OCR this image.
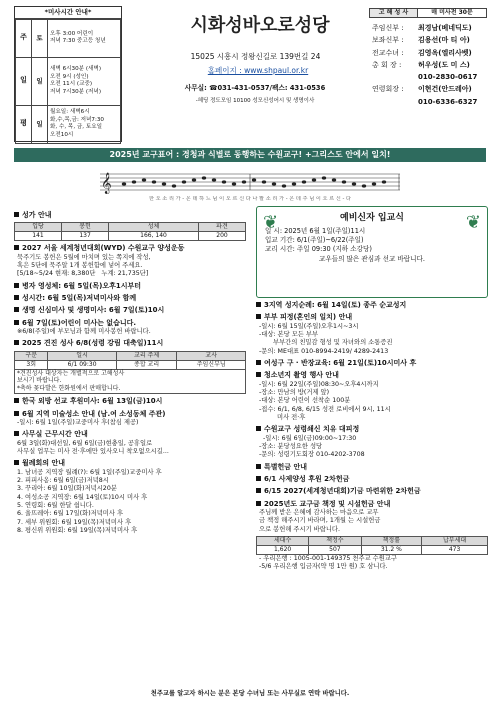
*미사시간 안내*
주	토	오후 3:00 어린이
저녁 7:30 중고등 청년
일	일	새벽 6시30분 (새벽)
오전 9시 (성인)
오전 11시 (교중)
저녁 7시30분 (저녁)
평	일	월요일: 새벽6시
화,수,목,금: 저녁7:30
화, 수, 목, 금, 토요일
오전10시
시화성바오로성당
15025 시흥시 정왕신길로 139번길 24
홈페이지 : www.shpaul.or.kr
사무실: ☎031-431-0537/팩스: 431-0536
-헤딩 정도모임 10100 성모신성어시 및 생명이사
고 해 성 사	매 미사전 30분
주임신부 : 최경남(베네딕도)
보좌신부 : 김용선(마 티 아)
전교수녀 : 김영옥(엘리사벳)
총 회 장 : 허우성(도 미 스)
010-2830-0617
연령회장 : 이현건(안드레아)
010-6336-6327
2025년 교구표어 : 경청과 식별로 동행하는 수원교구! +그리스도 안에서 일치!
𝄞
한 오 소 리 가 - 온 데 하 느 님 이 오 르 신 다 나 팔 소 리 가 - 온 데 주 님 이 오 르 신 - 다
성가 안내
입당	봉헌	성체	파견
141	137	166, 140	200
2027 서울 세계청년대회(WYD) 수원교구 양성운동
묵주기도 봉헌은 5월에 마치며 있는 쪽지에 작성,
혹은 5단에 묵주알 1개 봉헌함에 넣어 주세요.
[5/18~5/24 현재: 8,380단   누계: 21,735단]
병자 영성체: 6월 5일(목)오후1시부터
성시간: 6월 5일(목)저녁미사와 함께
생명 신심미사 및 생명미사: 6월 7일(토)10시
6월 7일(토)어린이 미사는 없습니다.
※6/8(주일)에 부모님과 함께 미사봉헌 바랍니다.
2025 견진 성사 6/8(성령 강림 대축일)11시
구분	일시	교리 주제	교사
3회	6/1 09:30	종합 교리	주임신부님

*견진성사 대상자는 개별적으로 고해성사
보시기 바랍니다.
*축하 꽃다발은 한화원에서 판매합니다.			
한국 외방 선교 후원미사: 6월 13일(금)10시
6월 지역 미술성소 안내 (남.여 소성동체 주관)
-일시: 6월 1일(주일)교중미사 후(참심 제공)
사무실 근무시간 안내
6월 3일(화)대선일, 6월 6일(금)현충일, 공휴일로
사무실 업무는 미사 전·후에만 있사오니 착오없으시길...
월례회의 안내
1. 남녀공 지역장 월례(?): 6월 1일(주일)교중미사 후
2. 피피사옹: 6월 6일(금)저녁8시
3. 꾸리아: 6월 10일(화)저녁시20분
4. 여성소공 지역장: 6월 14일(토)10시 미사 후
5. 연령회: 6월 한달 쉽니다.
6. 울뜨레아: 6월 17일(화)저녁미사 후
7. 세부 위원회: 6월 19일(목)저녁미사 후
8. 평신위 위원회: 6월 19일(목)저녁미사 후
❦	❦
예비신자 입교식
일 시: 2025년 6월 1일(주일)11시
입교 기간: 6/1(주일)~6/22(주일)
교리 시간: 주일 09:30 (지하 소강당)
교우들의 많은 관심과 선교 바랍니다.
3지역 성지순례: 6월 14일(토) 종주 순교성지
부부 피정(혼인의 일치) 안내
-일시: 6월 15일(주일)오후1시~3시
-대상: 본당 모든 부부
부부간의 친밀감 형성 및 자녀와의 소통증진
-문의: ME대표 010-8994-2419/ 4289-2413
여성구 구 · 반장교육: 6월 21일(토)10시미사 후
청소년지 촬영 행사 안내
-일시: 6월 22일(주일)08:30~오후4시까지
-장소: 만남의 방(거제 앞)
-대상: 본당 어린이 선착순 100분
-접수: 6/1, 6/8, 6/15 성전 로비에서 9시, 11시
미사 전·후
수원교구 성령쇄신 치유 대피정
-일시: 6월 6일(금)09:00~17:30
-장소: 분당성요한 성당
-문의: 성령기도회장 010-4202-3708
특별헌금 안내
6/1 사제양성 후원 2차헌금
6/15 2027(세계청년대회)기금 마련위한 2차헌금
2025년도 교구금 책정 및 시설헌금 안내
주님께 받은 은혜에 감사하는 마음으로 교무
금 책정 해주시기 바라며, 1개월 는 시설헌금
으로 봉헌해 주시기 바랍니다.
세대수	책정수	책정률	납부세대
1,620	507	31.2 %	473
- 우리은행 : 1005-001-149375 천주교 수원교구
-5/6 우리은행 입금자(약 명 1만 원) 호 삼니다.
천주교를 알고자 하시는 분은 본당 수녀님 또는 사무실로 연락 바랍니다.
